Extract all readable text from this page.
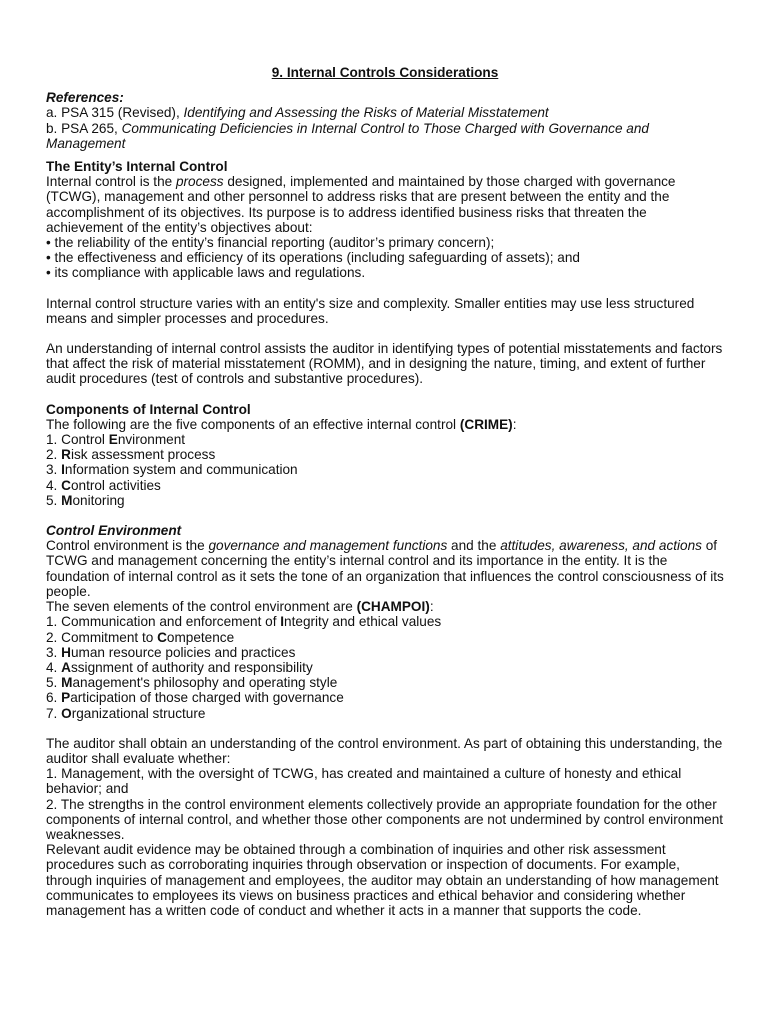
9. Internal Controls Considerations
References:
a. PSA 315 (Revised), Identifying and Assessing the Risks of Material Misstatement
b. PSA 265, Communicating Deficiencies in Internal Control to Those Charged with Governance and Management
The Entity’s Internal Control
Internal control is the process designed, implemented and maintained by those charged with governance (TCWG), management and other personnel to address risks that are present between the entity and the accomplishment of its objectives. Its purpose is to address identified business risks that threaten the achievement of the entity’s objectives about:
• the reliability of the entity’s financial reporting (auditor’s primary concern);
• the effectiveness and efficiency of its operations (including safeguarding of assets); and
• its compliance with applicable laws and regulations.
Internal control structure varies with an entity's size and complexity. Smaller entities may use less structured means and simpler processes and procedures.
An understanding of internal control assists the auditor in identifying types of potential misstatements and factors that affect the risk of material misstatement (ROMM), and in designing the nature, timing, and extent of further audit procedures (test of controls and substantive procedures).
Components of Internal Control
The following are the five components of an effective internal control (CRIME):
1. Control Environment
2. Risk assessment process
3. Information system and communication
4. Control activities
5. Monitoring
Control Environment
Control environment is the governance and management functions and the attitudes, awareness, and actions of TCWG and management concerning the entity’s internal control and its importance in the entity. It is the foundation of internal control as it sets the tone of an organization that influences the control consciousness of its people.
The seven elements of the control environment are (CHAMPOI):
1. Communication and enforcement of Integrity and ethical values
2. Commitment to Competence
3. Human resource policies and practices
4. Assignment of authority and responsibility
5. Management's philosophy and operating style
6. Participation of those charged with governance
7. Organizational structure
The auditor shall obtain an understanding of the control environment. As part of obtaining this understanding, the auditor shall evaluate whether:
1. Management, with the oversight of TCWG, has created and maintained a culture of honesty and ethical behavior; and
2. The strengths in the control environment elements collectively provide an appropriate foundation for the other components of internal control, and whether those other components are not undermined by control environment weaknesses.
Relevant audit evidence may be obtained through a combination of inquiries and other risk assessment procedures such as corroborating inquiries through observation or inspection of documents. For example, through inquiries of management and employees, the auditor may obtain an understanding of how management communicates to employees its views on business practices and ethical behavior and considering whether management has a written code of conduct and whether it acts in a manner that supports the code.
